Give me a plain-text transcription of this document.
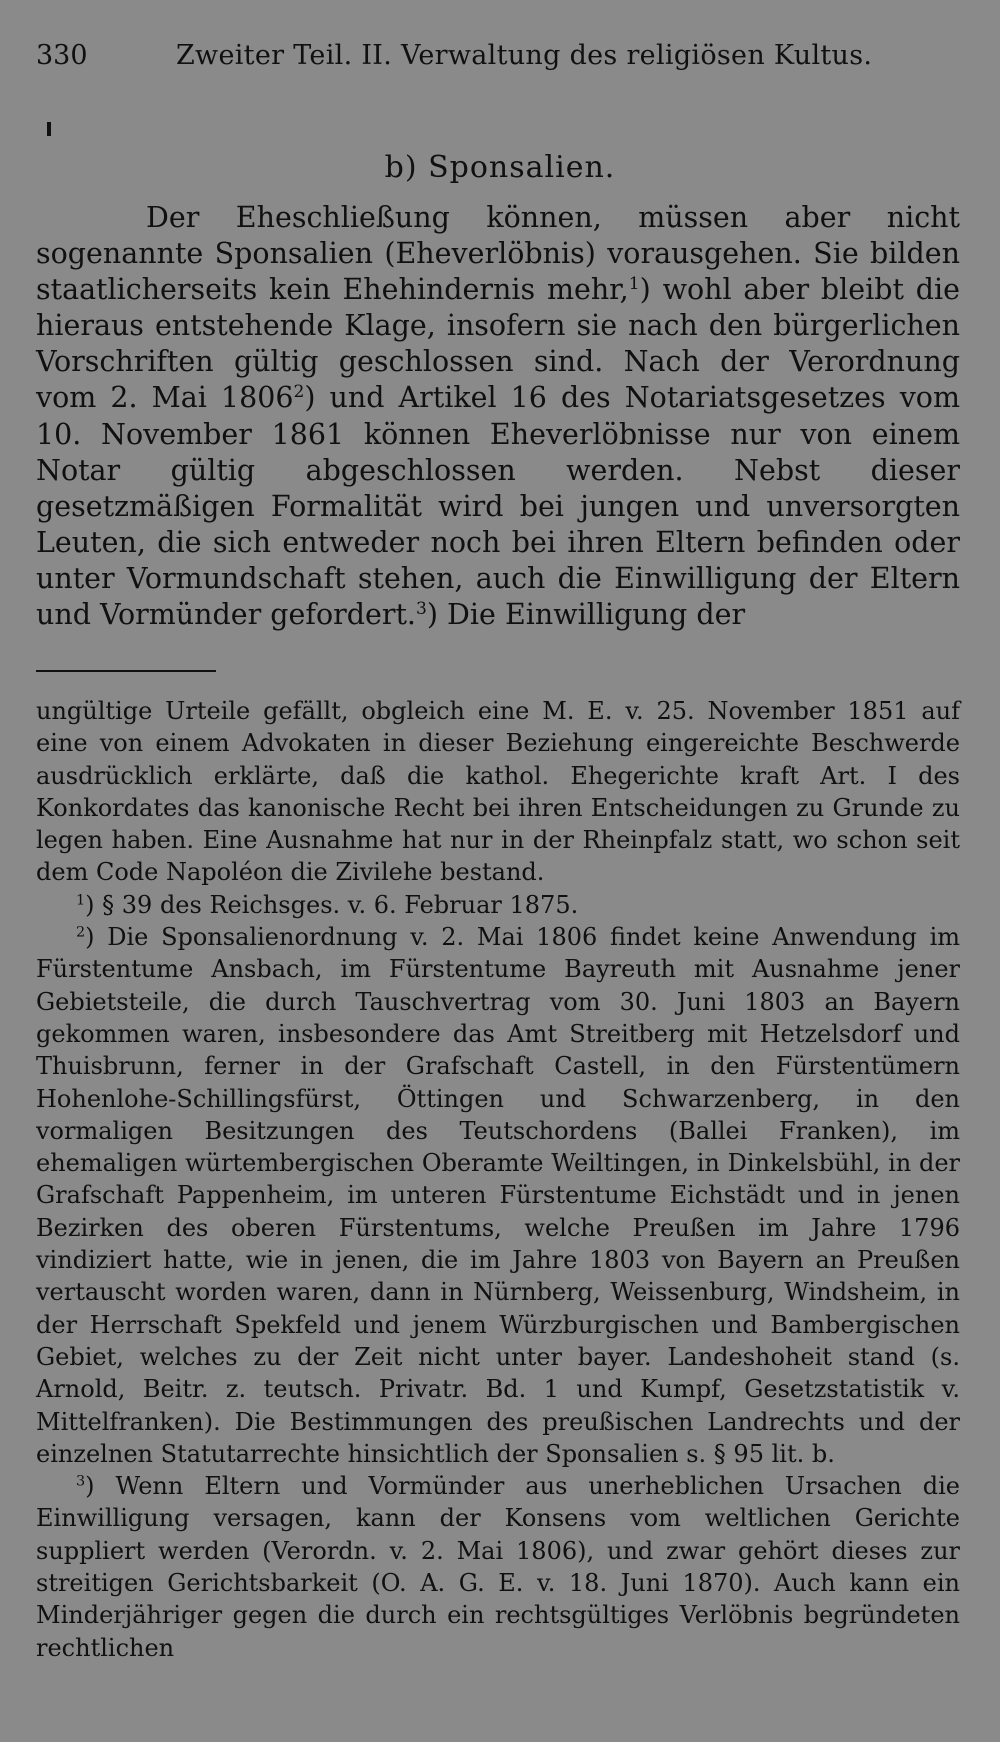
330	Zweiter Teil. II. Verwaltung des religiösen Kultus.
b) Sponsalien.
Der Eheschließung können, müssen aber nicht sogenannte Sponsalien (Eheverlöbnis) vorausgehen. Sie bilden staatlicherseits kein Ehehindernis mehr,$^1$) wohl aber bleibt die hieraus entstehende Klage, insofern sie nach den bürgerlichen Vorschriften gültig geschlossen sind. Nach der Verordnung vom 2. Mai 1806$^2$) und Artikel 16 des Notariatsgesetzes vom 10. November 1861 können Eheverlöbnisse nur von einem Notar gültig abgeschlossen werden. Nebst dieser gesetzmäßigen Formalität wird bei jungen und unversorgten Leuten, die sich entweder noch bei ihren Eltern befinden oder unter Vormundschaft stehen, auch die Einwilligung der Eltern und Vormünder gefordert.$^3$) Die Einwilligung der

ungültige Urteile gefällt, obgleich eine M. E. v. 25. November 1851 auf eine von einem Advokaten in dieser Beziehung eingereichte Beschwerde ausdrücklich erklärte, daß die kathol. Ehegerichte kraft Art. I des Konkordates das kanonische Recht bei ihren Entscheidungen zu Grunde zu legen haben. Eine Ausnahme hat nur in der Rheinpfalz statt, wo schon seit dem Code Napoléon die Zivilehe bestand.

$^1$) § 39 des Reichsges. v. 6. Februar 1875.

$^2$) Die Sponsalienordnung v. 2. Mai 1806 findet keine Anwendung im Fürstentume Ansbach, im Fürstentume Bayreuth mit Ausnahme jener Gebietsteile, die durch Tauschvertrag vom 30. Juni 1803 an Bayern gekommen waren, insbesondere das Amt Streitberg mit Hetzelsdorf und Thuisbrunn, ferner in der Grafschaft Castell, in den Fürstentümern Hohenlohe-Schillingsfürst, Öttingen und Schwarzenberg, in den vormaligen Besitzungen des Teutschordens (Ballei Franken), im ehemaligen würtembergischen Oberamte Weiltingen, in Dinkelsbühl, in der Grafschaft Pappenheim, im unteren Fürstentume Eichstädt und in jenen Bezirken des oberen Fürstentums, welche Preußen im Jahre 1796 vindiziert hatte, wie in jenen, die im Jahre 1803 von Bayern an Preußen vertauscht worden waren, dann in Nürnberg, Weissenburg, Windsheim, in der Herrschaft Spekfeld und jenem Würzburgischen und Bambergischen Gebiet, welches zu der Zeit nicht unter bayer. Landeshoheit stand (s. Arnold, Beitr. z. teutsch. Privatr. Bd. 1 und Kumpf, Gesetzstatistik v. Mittelfranken). Die Bestimmungen des preußischen Landrechts und der einzelnen Statutarrechte hinsichtlich der Sponsalien s. § 95 lit. b.

$^3$) Wenn Eltern und Vormünder aus unerheblichen Ursachen die Einwilligung versagen, kann der Konsens vom weltlichen Gerichte suppliert werden (Verordn. v. 2. Mai 1806), und zwar gehört dieses zur streitigen Gerichtsbarkeit (O. A. G. E. v. 18. Juni 1870). Auch kann ein Minderjähriger gegen die durch ein rechtsgültiges Verlöbnis begründeten rechtlichen
